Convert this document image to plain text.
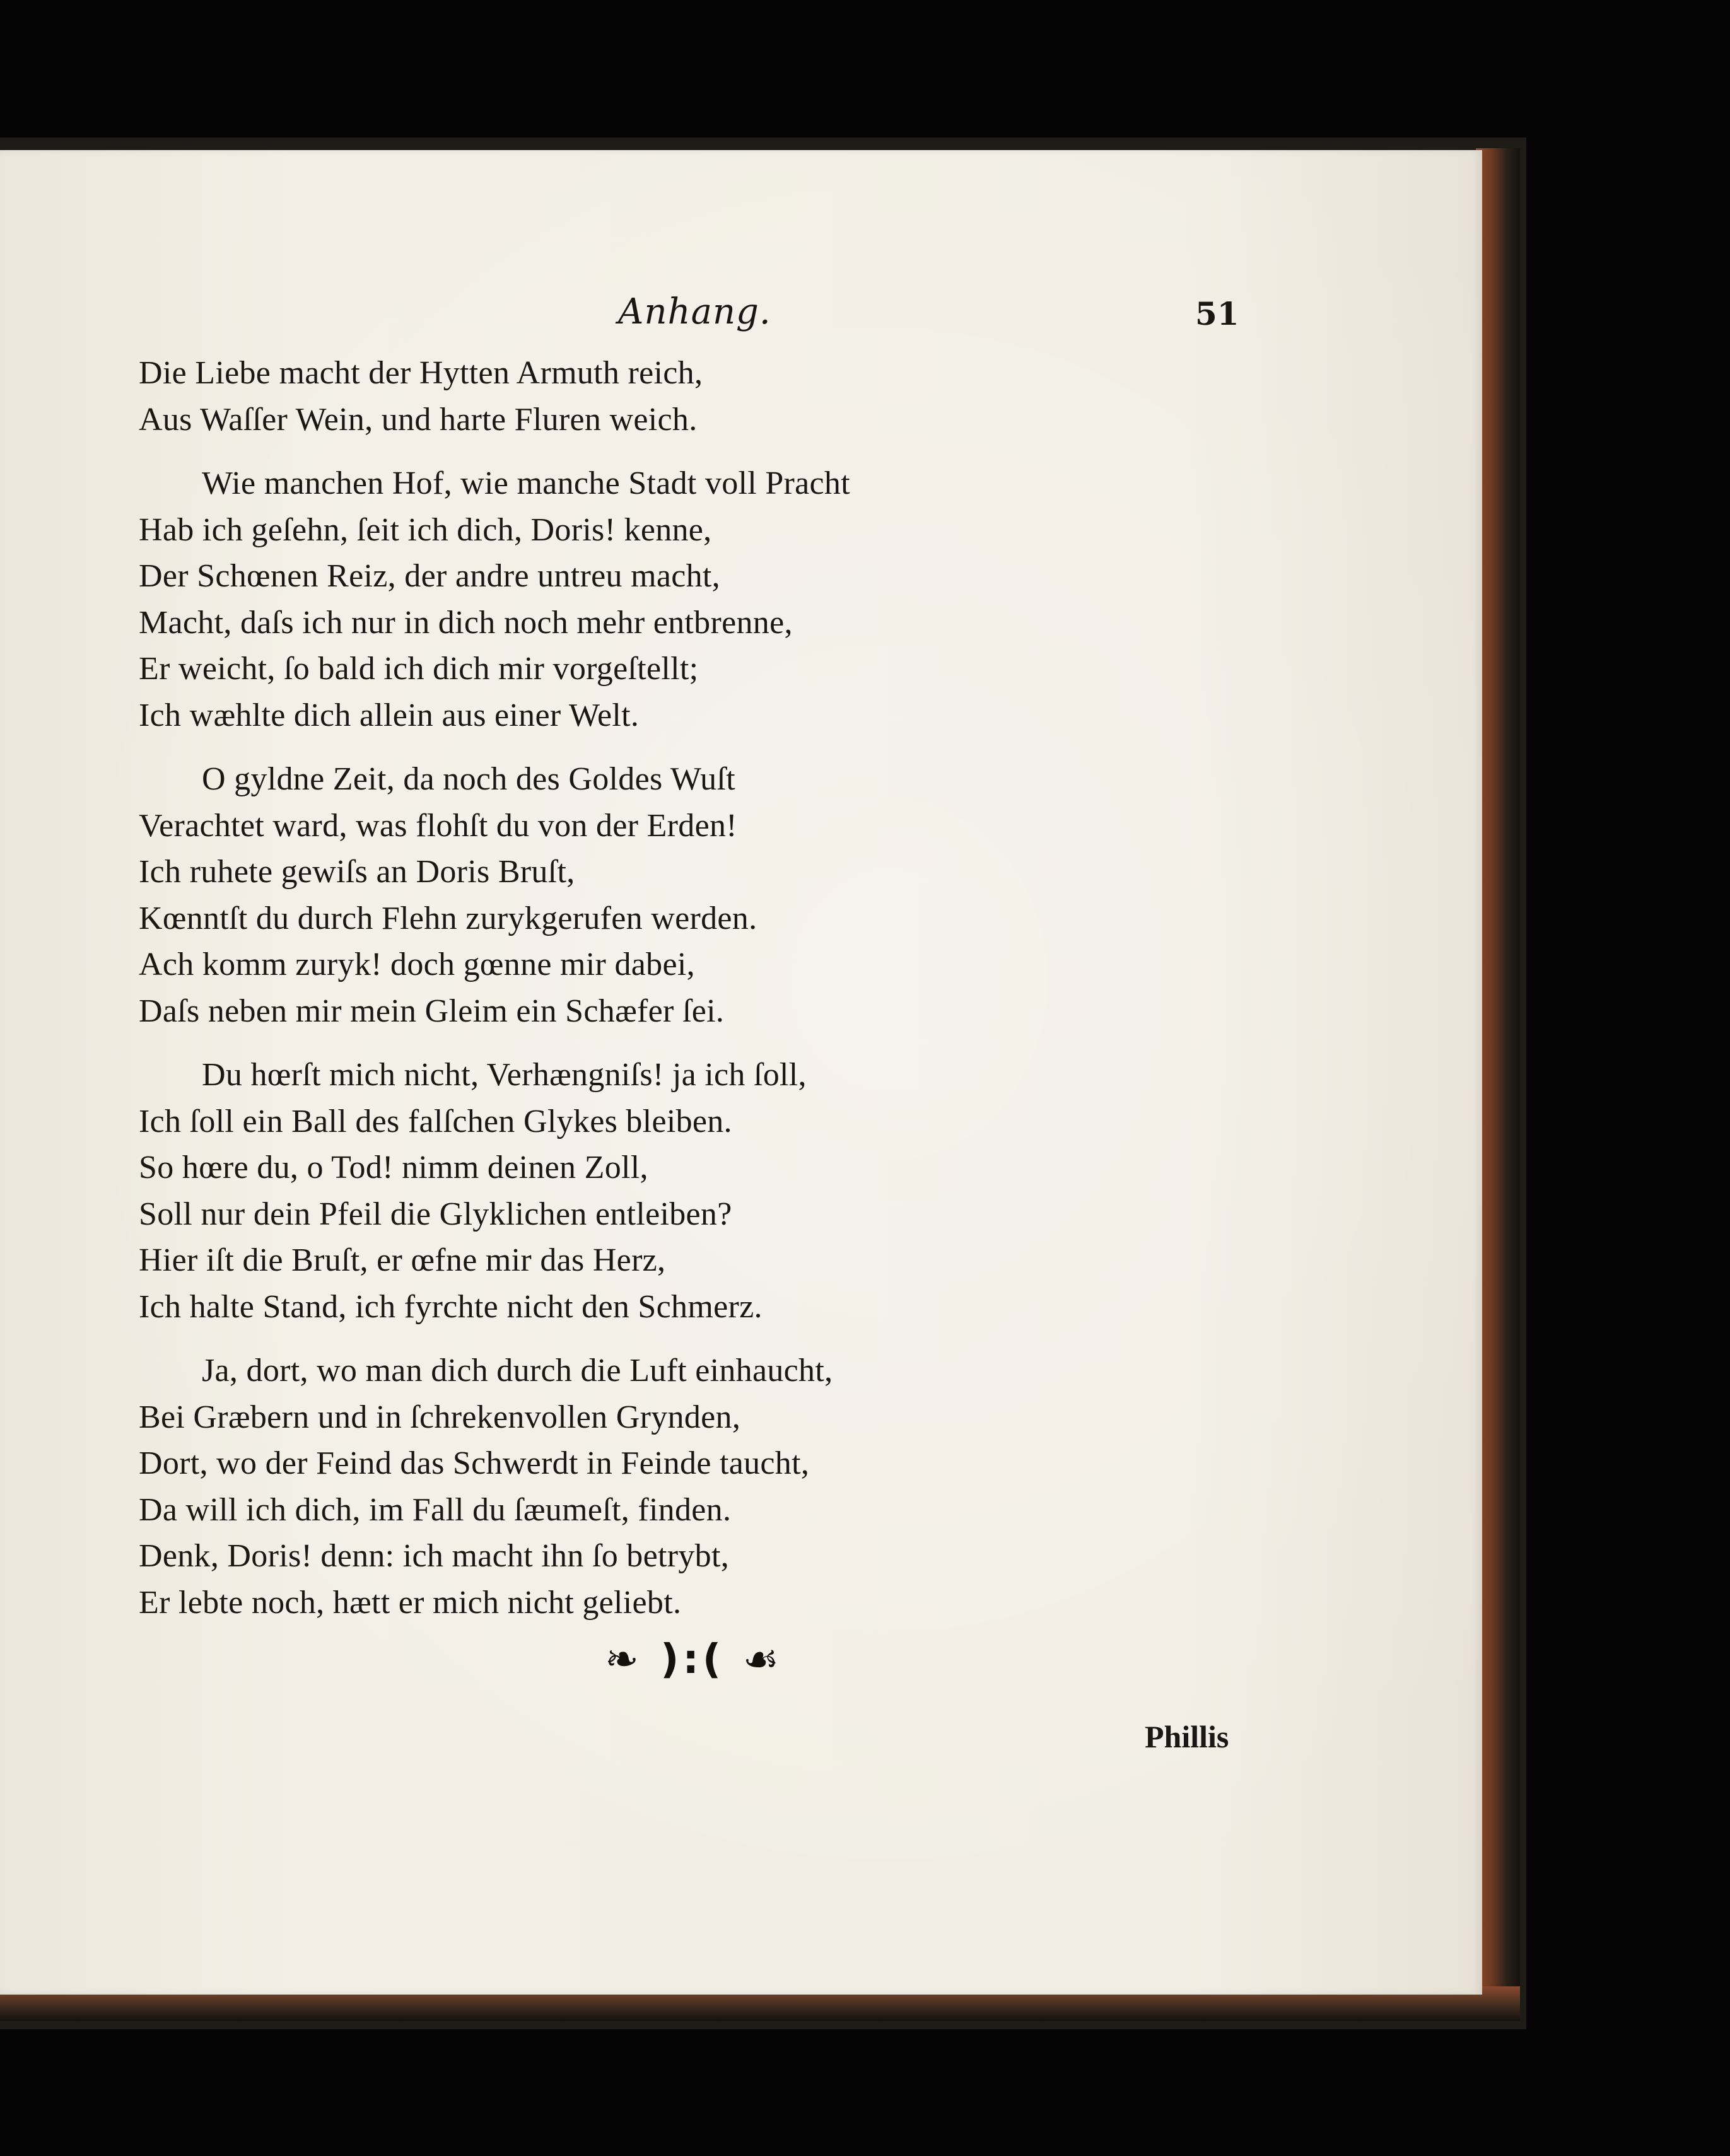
Anhang.	51
Die Liebe macht der Hytten Armuth reich,
Aus Waſſer Wein, und harte Fluren weich.
Wie manchen Hof, wie manche Stadt voll Pracht
Hab ich geſehn, ſeit ich dich, Doris! kenne,
Der Schœnen Reiz, der andre untreu macht,
Macht, daſs ich nur in dich noch mehr entbrenne,
Er weicht, ſo bald ich dich mir vorgeſtellt;
Ich wæhlte dich allein aus einer Welt.
O gyldne Zeit, da noch des Goldes Wuſt
Verachtet ward, was flohſt du von der Erden!
Ich ruhete gewiſs an Doris Bruſt,
Kœnntſt du durch Flehn zurykgerufen werden.
Ach komm zuryk! doch gœnne mir dabei,
Daſs neben mir mein Gleim ein Schæfer ſei.
Du hœrſt mich nicht, Verhængniſs! ja ich ſoll,
Ich ſoll ein Ball des falſchen Glykes bleiben.
So hœre du, o Tod! nimm deinen Zoll,
Soll nur dein Pfeil die Glyklichen entleiben?
Hier iſt die Bruſt, er œfne mir das Herz,
Ich halte Stand, ich fyrchte nicht den Schmerz.
Ja, dort, wo man dich durch die Luft einhaucht,
Bei Græbern und in ſchrekenvollen Grynden,
Dort, wo der Feind das Schwerdt in Feinde taucht,
Da will ich dich, im Fall du ſæumeſt, finden.
Denk, Doris! denn: ich macht ihn ſo betrybt,
Er lebte noch, hætt er mich nicht geliebt.
❧ ):( ☙
Phillis
